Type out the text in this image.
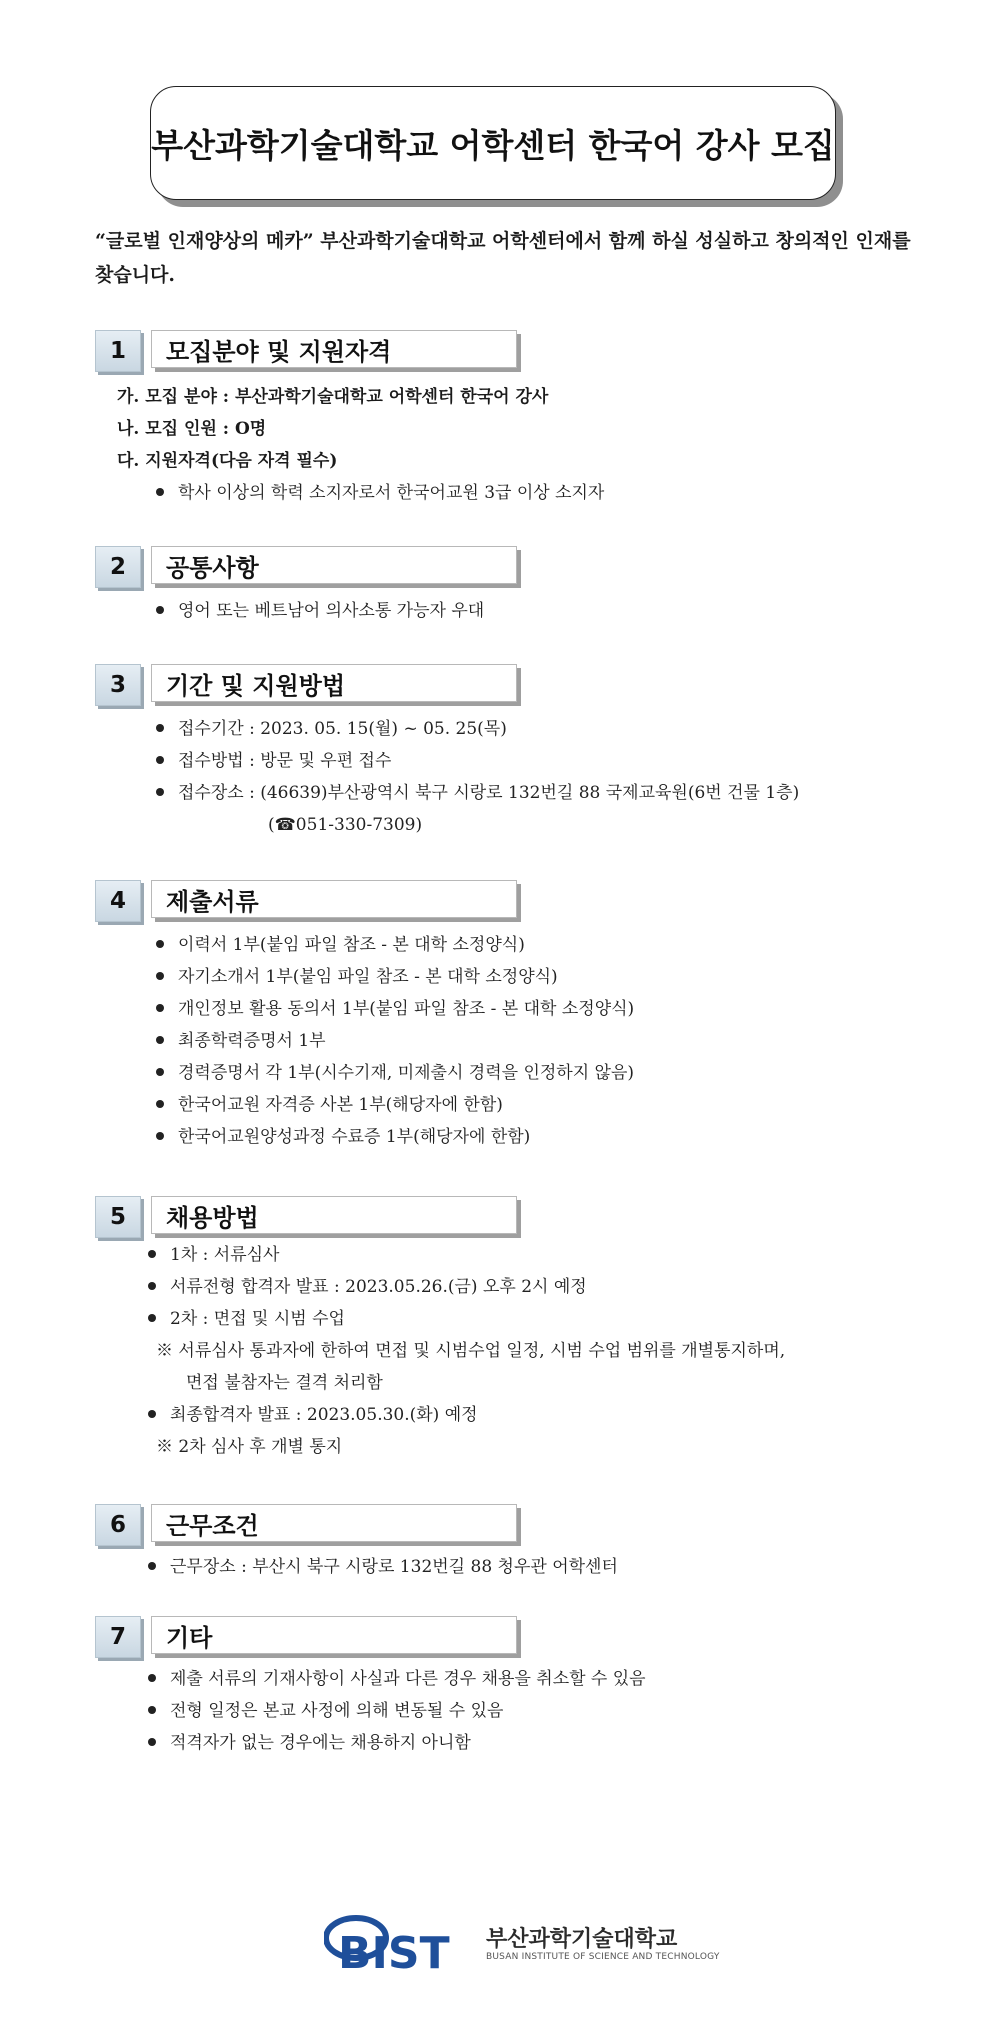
부산과학기술대학교 어학센터 한국어 강사 모집
“글로벌 인재양상의 메카” 부산과학기술대학교 어학센터에서 함께 하실 성실하고 창의적인 인재를 찾습니다.
1	모집분야 및 지원자격
가. 모집 분야 : 부산과학기술대학교 어학센터 한국어 강사
나. 모집 인원 : O명
다. 지원자격(다음 자격 필수)
학사 이상의 학력 소지자로서 한국어교원 3급 이상 소지자
2	공통사항
영어 또는 베트남어 의사소통 가능자 우대
3	기간 및 지원방법
접수기간 : 2023. 05. 15(월) ~ 05. 25(목)
접수방법 : 방문 및 우편 접수
접수장소 : (46639)부산광역시 북구 시랑로 132번길 88 국제교육원(6번 건물 1층)
(☎051-330-7309)
4	제출서류
이력서 1부(붙임 파일 참조 - 본 대학 소정양식)
자기소개서 1부(붙임 파일 참조 - 본 대학 소정양식)
개인정보 활용 동의서 1부(붙임 파일 참조 - 본 대학 소정양식)
최종학력증명서 1부
경력증명서 각 1부(시수기재, 미제출시 경력을 인정하지 않음)
한국어교원 자격증 사본 1부(해당자에 한함)
한국어교원양성과정 수료증 1부(해당자에 한함)
5	채용방법
1차 : 서류심사
서류전형 합격자 발표 : 2023.05.26.(금) 오후 2시 예정
2차 : 면접 및 시범 수업
※ 서류심사 통과자에 한하여 면접 및 시범수업 일정, 시범 수업 범위를 개별통지하며,
면접 불참자는 결격 처리함
최종합격자 발표 : 2023.05.30.(화) 예정
※ 2차 심사 후 개별 통지
6	근무조건
근무장소 : 부산시 북구 시랑로 132번길 88 청우관 어학센터
7	기타
제출 서류의 기재사항이 사실과 다른 경우 채용을 취소할 수 있음
전형 일정은 본교 사정에 의해 변동될 수 있음
적격자가 없는 경우에는 채용하지 아니함
BIST 부산과학기술대학교
BUSAN INSTITUTE OF SCIENCE AND TECHNOLOGY
